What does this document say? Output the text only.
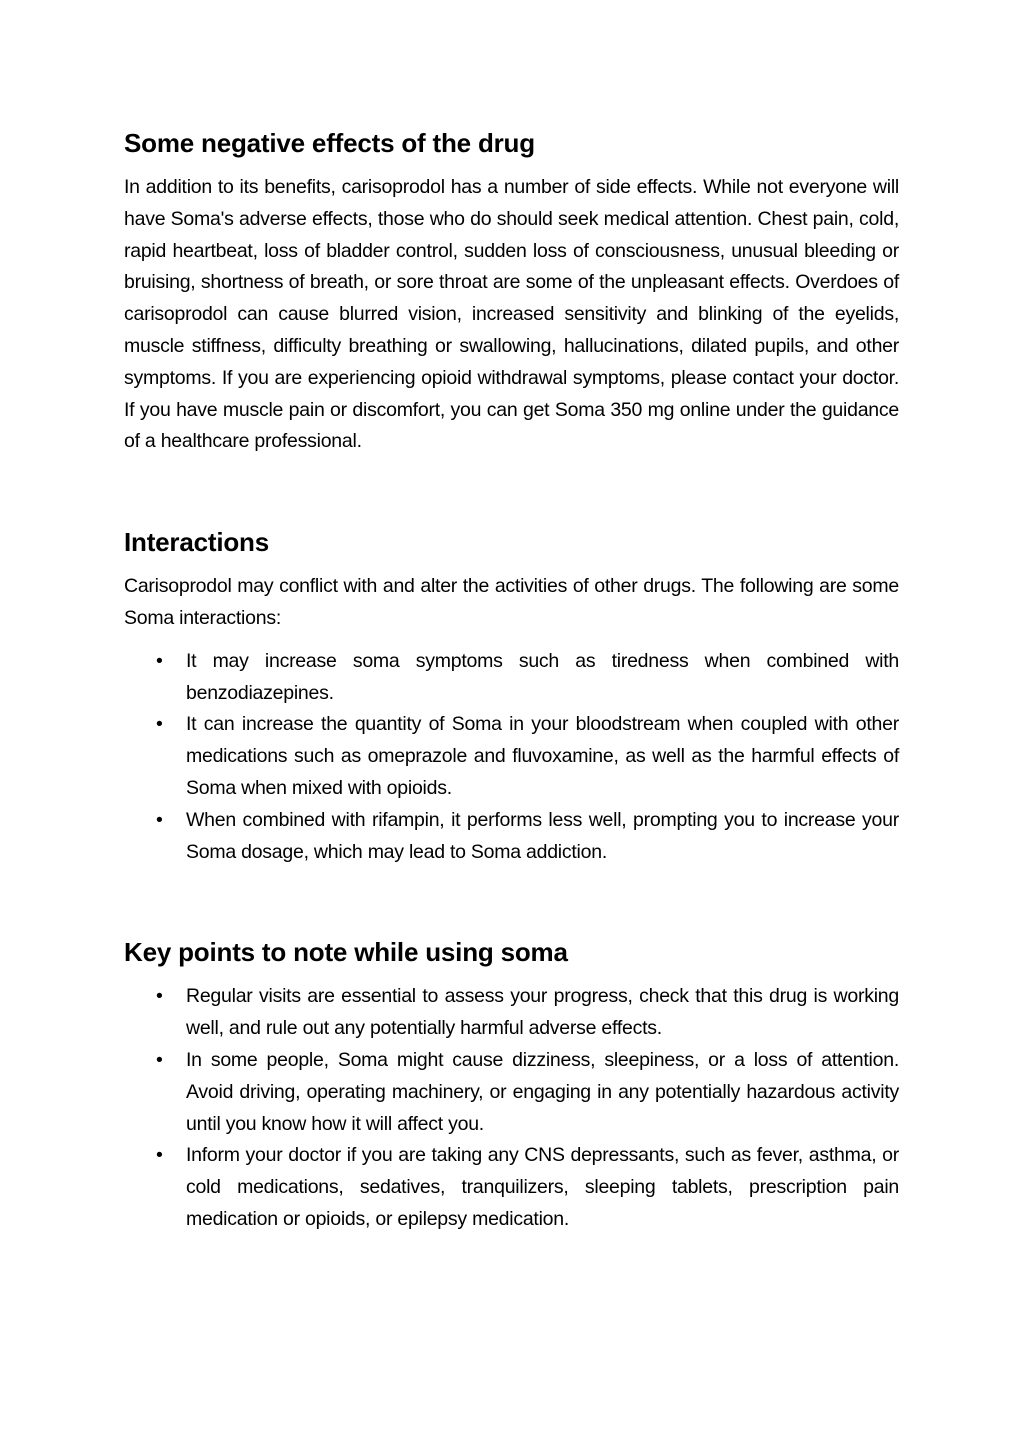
Some negative effects of the drug

In addition to its benefits, carisoprodol has a number of side effects. While not everyone will have Soma's adverse effects, those who do should seek medical attention. Chest pain, cold, rapid heartbeat, loss of bladder control, sudden loss of consciousness, unusual bleeding or bruising, shortness of breath, or sore throat are some of the unpleasant effects. Overdoes of carisoprodol can cause blurred vision, increased sensitivity and blinking of the eyelids, muscle stiffness, difficulty breathing or swallowing, hallucinations, dilated pupils, and other symptoms. If you are experiencing opioid withdrawal symptoms, please contact your doctor. If you have muscle pain or discomfort, you can get Soma 350 mg online under the guidance of a healthcare professional.

Interactions

Carisoprodol may conflict with and alter the activities of other drugs. The following are some Soma interactions:

• It may increase soma symptoms such as tiredness when combined with benzodiazepines.
• It can increase the quantity of Soma in your bloodstream when coupled with other medications such as omeprazole and fluvoxamine, as well as the harmful effects of Soma when mixed with opioids.
• When combined with rifampin, it performs less well, prompting you to increase your Soma dosage, which may lead to Soma addiction.
Key points to note while using soma
• Regular visits are essential to assess your progress, check that this drug is working well, and rule out any potentially harmful adverse effects.
• In some people, Soma might cause dizziness, sleepiness, or a loss of attention. Avoid driving, operating machinery, or engaging in any potentially hazardous activity until you know how it will affect you.
• Inform your doctor if you are taking any CNS depressants, such as fever, asthma, or cold medications, sedatives, tranquilizers, sleeping tablets, prescription pain medication or opioids, or epilepsy medication.
